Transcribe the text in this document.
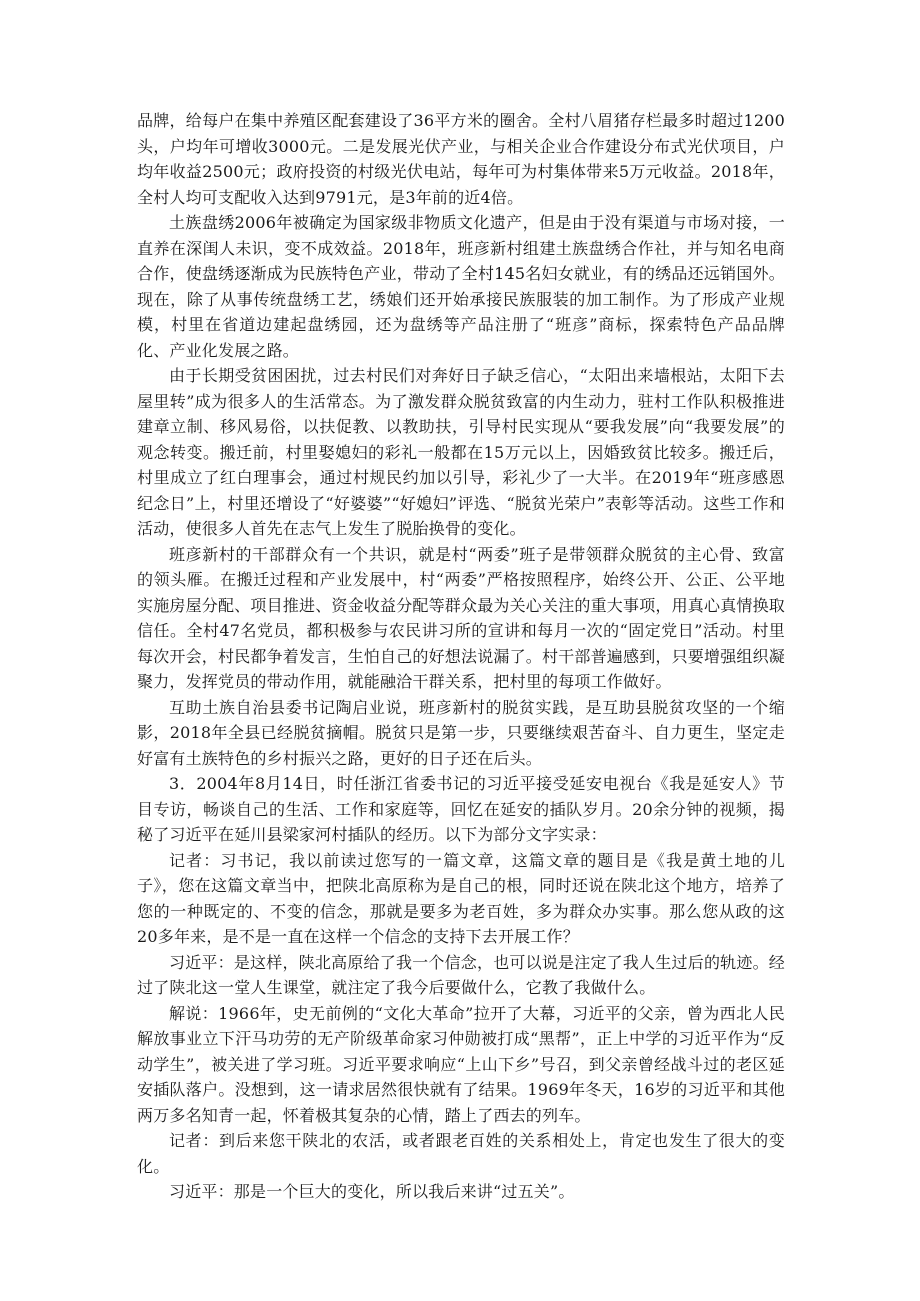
品牌，给每户在集中养殖区配套建设了36平方米的圈舍。全村八眉猪存栏最多时超过1200头，户均年可增收3000元。二是发展光伏产业，与相关企业合作建设分布式光伏项目，户均年收益2500元；政府投资的村级光伏电站，每年可为村集体带来5万元收益。2018年，全村人均可支配收入达到9791元，是3年前的近4倍。

土族盘绣2006年被确定为国家级非物质文化遗产，但是由于没有渠道与市场对接，一直养在深闺人未识，变不成效益。2018年，班彦新村组建土族盘绣合作社，并与知名电商合作，使盘绣逐渐成为民族特色产业，带动了全村145名妇女就业，有的绣品还远销国外。现在，除了从事传统盘绣工艺，绣娘们还开始承接民族服装的加工制作。为了形成产业规模，村里在省道边建起盘绣园，还为盘绣等产品注册了“班彦”商标，探索特色产品品牌化、产业化发展之路。

由于长期受贫困困扰，过去村民们对奔好日子缺乏信心，“太阳出来墙根站，太阳下去屋里转”成为很多人的生活常态。为了激发群众脱贫致富的内生动力，驻村工作队积极推进建章立制、移风易俗，以扶促教、以教助扶，引导村民实现从“要我发展”向“我要发展”的观念转变。搬迁前，村里娶媳妇的彩礼一般都在15万元以上，因婚致贫比较多。搬迁后，村里成立了红白理事会，通过村规民约加以引导，彩礼少了一大半。在2019年“班彦感恩纪念日”上，村里还增设了“好婆婆”“好媳妇”评选、“脱贫光荣户”表彰等活动。这些工作和活动，使很多人首先在志气上发生了脱胎换骨的变化。

班彦新村的干部群众有一个共识，就是村“两委”班子是带领群众脱贫的主心骨、致富的领头雁。在搬迁过程和产业发展中，村“两委”严格按照程序，始终公开、公正、公平地实施房屋分配、项目推进、资金收益分配等群众最为关心关注的重大事项，用真心真情换取信任。全村47名党员，都积极参与农民讲习所的宣讲和每月一次的“固定党日”活动。村里每次开会，村民都争着发言，生怕自己的好想法说漏了。村干部普遍感到，只要增强组织凝聚力，发挥党员的带动作用，就能融洽干群关系，把村里的每项工作做好。

互助土族自治县委书记陶启业说，班彦新村的脱贫实践，是互助县脱贫攻坚的一个缩影，2018年全县已经脱贫摘帽。脱贫只是第一步，只要继续艰苦奋斗、自力更生，坚定走好富有土族特色的乡村振兴之路，更好的日子还在后头。

3．2004年8月14日，时任浙江省委书记的习近平接受延安电视台《我是延安人》节目专访，畅谈自己的生活、工作和家庭等，回忆在延安的插队岁月。20余分钟的视频，揭秘了习近平在延川县梁家河村插队的经历。以下为部分文字实录：

记者：习书记，我以前读过您写的一篇文章，这篇文章的题目是《我是黄土地的儿子》，您在这篇文章当中，把陕北高原称为是自己的根，同时还说在陕北这个地方，培养了您的一种既定的、不变的信念，那就是要多为老百姓，多为群众办实事。那么您从政的这20多年来，是不是一直在这样一个信念的支持下去开展工作？

习近平：是这样，陕北高原给了我一个信念，也可以说是注定了我人生过后的轨迹。经过了陕北这一堂人生课堂，就注定了我今后要做什么，它教了我做什么。

解说：1966年，史无前例的“文化大革命”拉开了大幕，习近平的父亲，曾为西北人民解放事业立下汗马功劳的无产阶级革命家习仲勋被打成“黑帮”，正上中学的习近平作为“反动学生”，被关进了学习班。习近平要求响应“上山下乡”号召，到父亲曾经战斗过的老区延安插队落户。没想到，这一请求居然很快就有了结果。1969年冬天，16岁的习近平和其他两万多名知青一起，怀着极其复杂的心情，踏上了西去的列车。

记者：到后来您干陕北的农活，或者跟老百姓的关系相处上，肯定也发生了很大的变化。

习近平：那是一个巨大的变化，所以我后来讲“过五关”。
